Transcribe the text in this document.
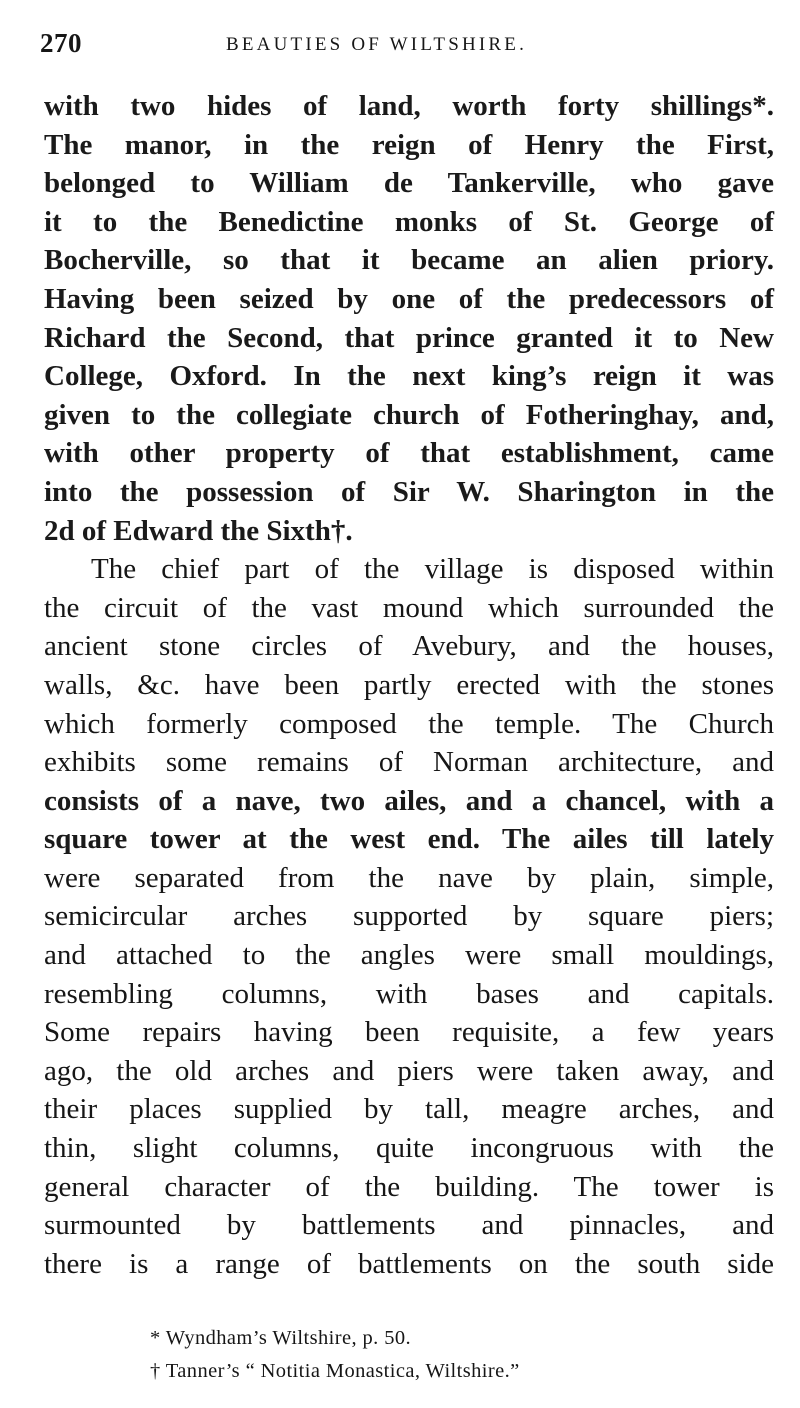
270	BEAUTIES OF WILTSHIRE.
with two hides of land, worth forty shillings*.
The manor, in the reign of Henry the First,
belonged to William de Tankerville, who gave
it to the Benedictine monks of St. George of
Bocherville, so that it became an alien priory.
Having been seized by one of the predecessors of
Richard the Second, that prince granted it to New
College, Oxford. In the next king’s reign it was
given to the collegiate church of Fotheringhay, and,
with other property of that establishment, came
into the possession of Sir W. Sharington in the
2d of Edward the Sixth†.
The chief part of the village is disposed within
the circuit of the vast mound which surrounded the
ancient stone circles of Avebury, and the houses,
walls, &c. have been partly erected with the stones
which formerly composed the temple. The Church
exhibits some remains of Norman architecture, and
consists of a nave, two ailes, and a chancel, with a
square tower at the west end. The ailes till lately
were separated from the nave by plain, simple,
semicircular arches supported by square piers;
and attached to the angles were small mouldings,
resembling columns, with bases and capitals.
Some repairs having been requisite, a few years
ago, the old arches and piers were taken away, and
their places supplied by tall, meagre arches, and
thin, slight columns, quite incongruous with the
general character of the building. The tower is
surmounted by battlements and pinnacles, and
there is a range of battlements on the south side
* Wyndham’s Wiltshire, p. 50.
† Tanner’s “ Notitia Monastica, Wiltshire.”
